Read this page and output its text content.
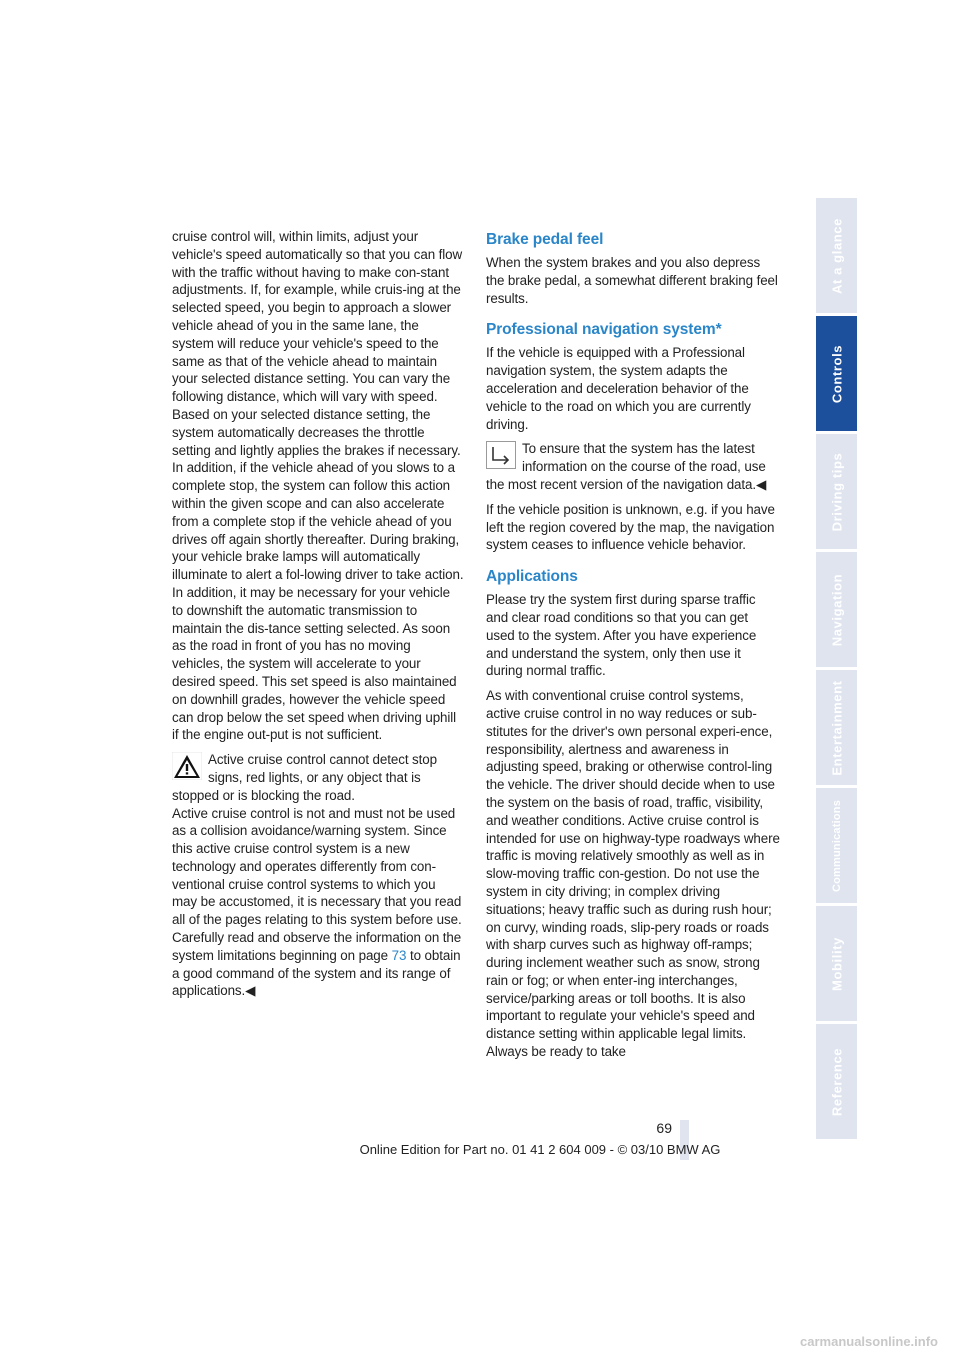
cruise control will, within limits, adjust your vehicle's speed automatically so that you can flow with the traffic without having to make con-stant adjustments. If, for example, while cruis-ing at the selected speed, you begin to approach a slower vehicle ahead of you in the same lane, the system will reduce your vehicle's speed to the same as that of the vehicle ahead to maintain your selected distance setting. You can vary the following distance, which will vary with speed. Based on your selected distance setting, the system automatically decreases the throttle setting and lightly applies the brakes if necessary. In addition, if the vehicle ahead of you slows to a complete stop, the system can follow this action within the given scope and can also accelerate from a complete stop if the vehicle ahead of you drives off again shortly thereafter. During braking, your vehicle brake lamps will automatically illuminate to alert a fol-lowing driver to take action. In addition, it may be necessary for your vehicle to downshift the automatic transmission to maintain the dis-tance setting selected. As soon as the road in front of you has no moving vehicles, the system will accelerate to your desired speed. This set speed is also maintained on downhill grades, however the vehicle speed can drop below the set speed when driving uphill if the engine out-put is not sufficient.

Active cruise control cannot detect stop
signs, red lights, or any object that is
stopped or is blocking the road.

Active cruise control is not and must not be used as a collision avoidance/warning system. Since this active cruise control system is a new technology and operates differently from con-ventional cruise control systems to which you may be accustomed, it is necessary that you read all of the pages relating to this system before use. Carefully read and observe the information on the system limitations beginning on page 73 to obtain a good command of the system and its range of applications.◀

Brake pedal feel

When the system brakes and you also depress the brake pedal, a somewhat different braking feel results.

Professional navigation system*

If the vehicle is equipped with a Professional navigation system, the system adapts the acceleration and deceleration behavior of the vehicle to the road on which you are currently driving.

To ensure that the system has the latest
information on the course of the road, use
the most recent version of the navigation data.◀

If the vehicle position is unknown, e.g. if you have left the region covered by the map, the navigation system ceases to influence vehicle behavior.

Applications

Please try the system first during sparse traffic and clear road conditions so that you can get used to the system. After you have experience and understand the system, only then use it during normal traffic.

As with conventional cruise control systems, active cruise control in no way reduces or sub-stitutes for the driver's own personal experi-ence, responsibility, alertness and awareness in adjusting speed, braking or otherwise control-ling the vehicle. The driver should decide when to use the system on the basis of road, traffic, visibility, and weather conditions. Active cruise control is intended for use on highway-type roadways where traffic is moving relatively smoothly as well as in slow-moving traffic con-gestion. Do not use the system in city driving; in complex driving situations; heavy traffic such as during rush hour; on curvy, winding roads, slip-pery roads or roads with sharp curves such as highway off-ramps; during inclement weather such as snow, strong rain or fog; or when enter-ing interchanges, service/parking areas or toll booths. It is also important to regulate your vehicle's speed and distance setting within applicable legal limits. Always be ready to take

At a glance
Controls
Driving tips
Navigation
Entertainment
Communications
Mobility
Reference
69
Online Edition for Part no. 01 41 2 604 009 - © 03/10 BMW AG
carmanualsonline.info
